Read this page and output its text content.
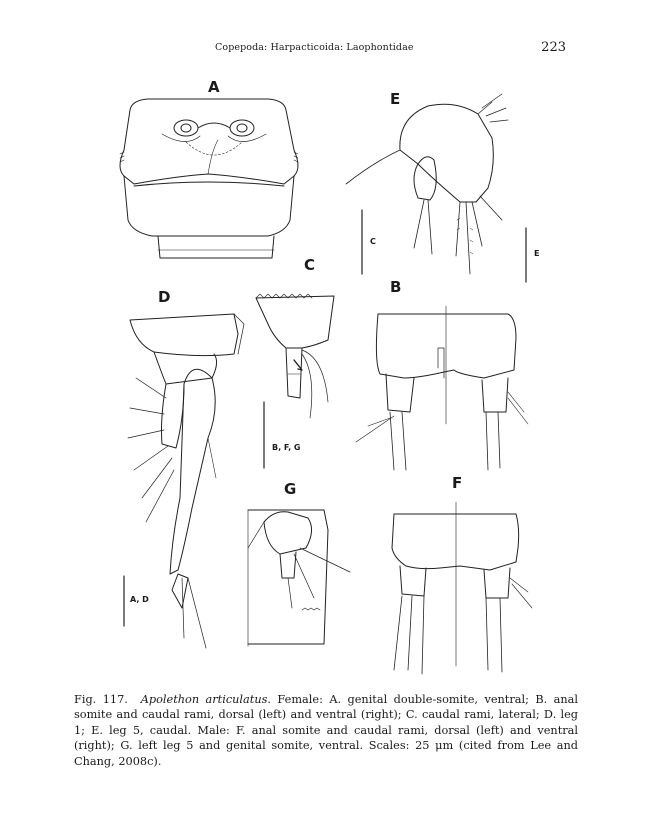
Copepoda: Harpacticoida: Laophontidae	223
A
B
C
D
E
F
G
C
E
B, F, G
A, D

Fig. 117. Apolethon articulatus. Female: A. genital double-somite, ventral; B. anal somite and caudal rami, dorsal (left) and ventral (right); C. caudal rami, lateral; D. leg 1; E. leg 5, caudal. Male: F. anal somite and caudal rami, dorsal (left) and ventral (right); G. left leg 5 and genital somite, ventral. Scales: 25 μm (cited from Lee and Chang, 2008c).
